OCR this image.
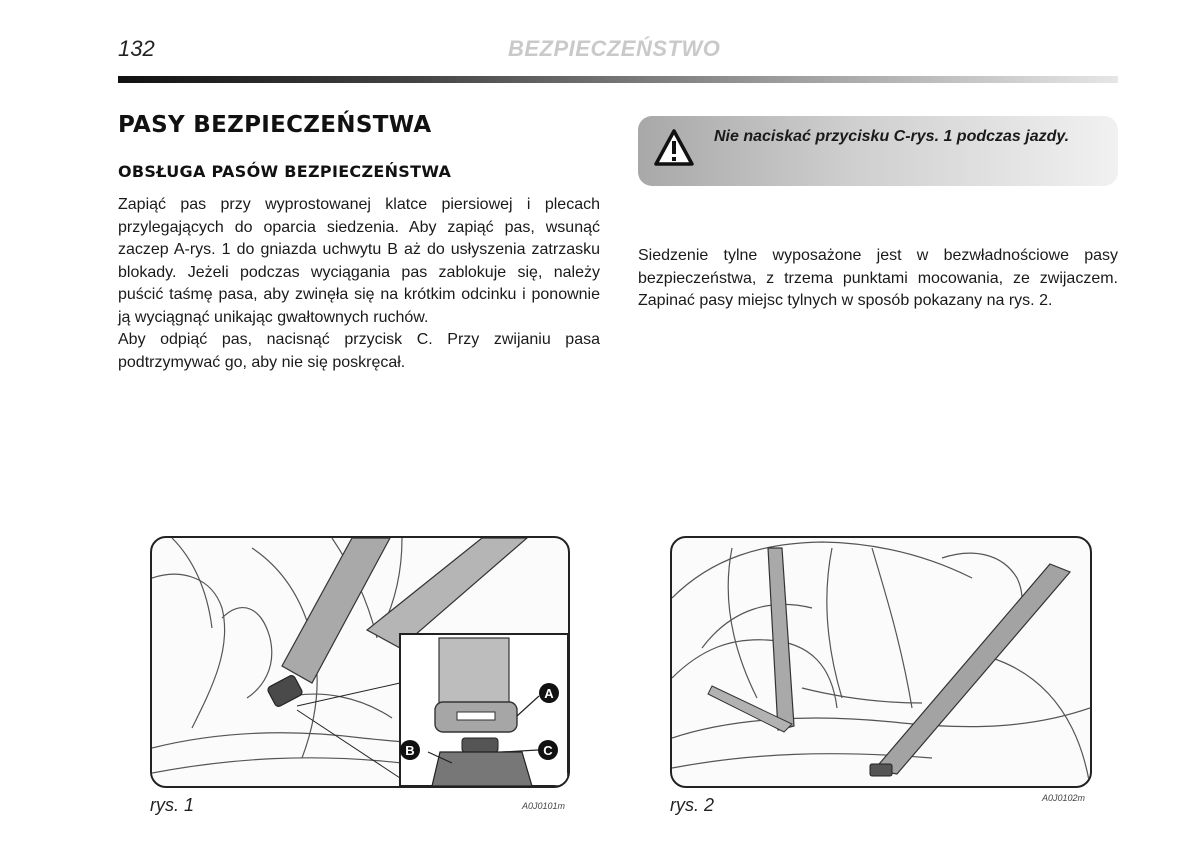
132	BEZPIECZEŃSTWO
PASY BEZPIECZEŃSTWA
OBSŁUGA PASÓW BEZPIECZEŃSTWA
Zapiąć pas przy wyprostowanej klatce piersiowej i plecach przylegających do oparcia siedzenia. Aby zapiąć pas, wsunąć zaczep A-rys. 1 do gniazda uchwytu B aż do usłyszenia zatrzasku blokady. Jeżeli podczas wyciągania pas zablokuje się, należy puścić taśmę pasa, aby zwinęła się na krótkim odcinku i ponownie ją wyciągnąć unikając gwałtownych ruchów.
Aby odpiąć pas, nacisnąć przycisk C. Przy zwijaniu pasa podtrzymywać go, aby nie się poskręcał.
Nie naciskać przycisku C-rys. 1 podczas jazdy.
Siedzenie tylne wyposażone jest w bezwładnościowe pasy bezpieczeństwa, z trzema punktami mocowania, ze zwijaczem. Zapinać pasy miejsc tylnych w sposób pokazany na rys. 2.
A
B	C
rys. 1	A0J0101m	rys. 2	A0J0102m
